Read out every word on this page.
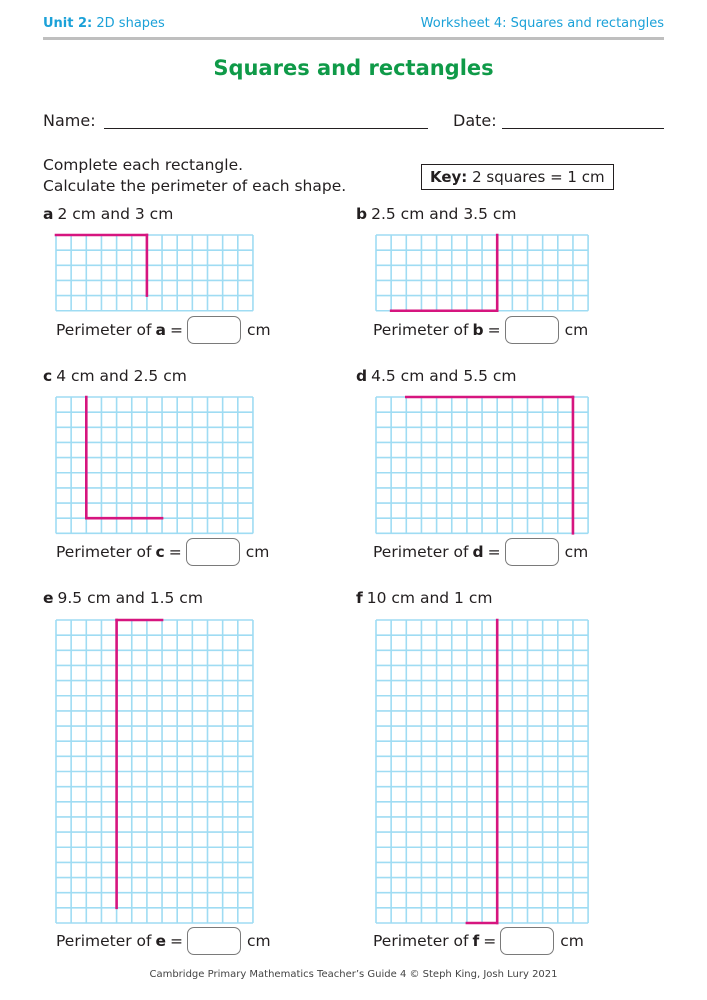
Unit 2: 2D shapes	Worksheet 4: Squares and rectangles
Squares and rectangles
Name:	Date:
Complete each rectangle.
Calculate the perimeter of each shape.	Key: 2 squares = 1 cm
a 2 cm and 3 cm	b 2.5 cm and 3.5 cm
c 4 cm and 2.5 cm	d 4.5 cm and 5.5 cm
e 9.5 cm and 1.5 cm	f 10 cm and 1 cm
Perimeter of a =	cm	Perimeter of b =	cm
Perimeter of c =	cm	Perimeter of d =	cm
Perimeter of e =	cm	Perimeter of f =	cm
Cambridge Primary Mathematics Teacher’s Guide 4 © Steph King, Josh Lury 2021
